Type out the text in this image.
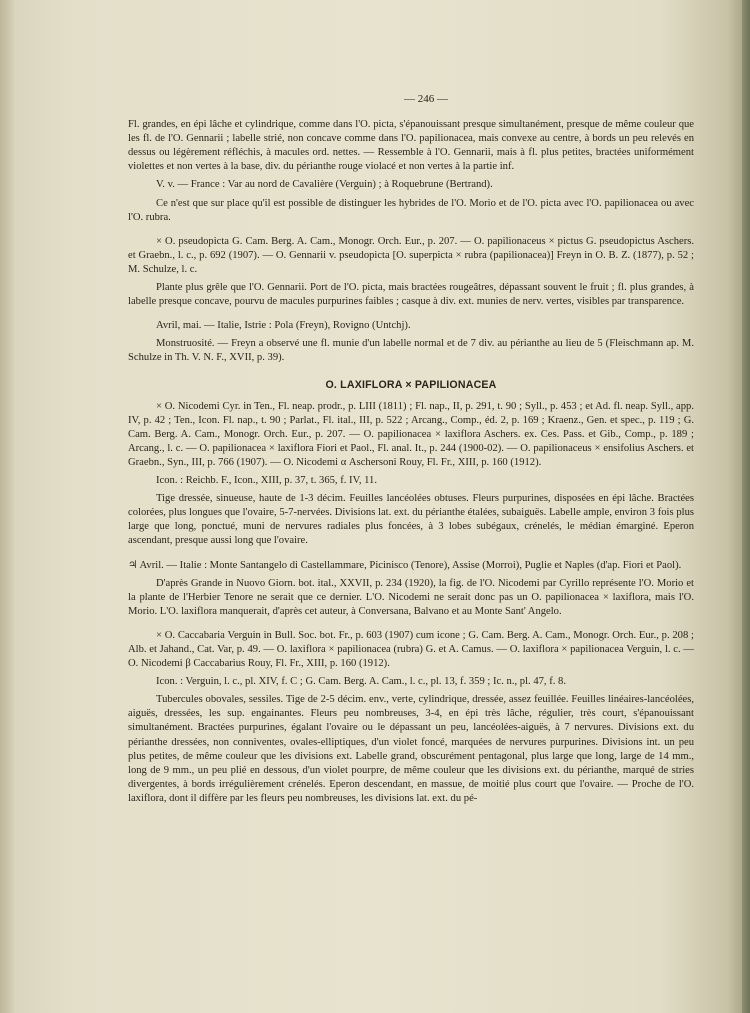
— 246 —

Fl. grandes, en épi lâche et cylindrique, comme dans l'O. picta, s'épanouissant presque simultanément, presque de même couleur que les fl. de l'O. Gennarii ; labelle strié, non concave comme dans l'O. papilionacea, mais convexe au centre, à bords un peu relevés en dessus ou légèrement réfléchis, à macules ord. nettes. — Ressemble à l'O. Gennarii, mais à fl. plus petites, bractées uniformément violettes et non vertes à la base, div. du périanthe rouge violacé et non vertes à la partie inf.

V. v. — France : Var au nord de Cavalière (Verguin) ; à Roquebrune (Bertrand).

Ce n'est que sur place qu'il est possible de distinguer les hybrides de l'O. Morio et de l'O. picta avec l'O. papilionacea ou avec l'O. rubra.

× O. pseudopicta G. Cam. Berg. A. Cam., Monogr. Orch. Eur., p. 207. — O. papilionaceus × pictus G. pseudopictus Aschers. et Graebn., l. c., p. 692 (1907). — O. Gennarii v. pseudopicta [O. superpicta × rubra (papilionacea)] Freyn in O. B. Z. (1877), p. 52 ; M. Schulze, l. c.

Plante plus grêle que l'O. Gennarii. Port de l'O. picta, mais bractées rougeâtres, dépassant souvent le fruit ; fl. plus grandes, à labelle presque concave, pourvu de macules purpurines faibles ; casque à div. ext. munies de nerv. vertes, visibles par transparence.

Avril, mai. — Italie, Istrie : Pola (Freyn), Rovigno (Untchj).

Monstruosité. — Freyn a observé une fl. munie d'un labelle normal et de 7 div. au périanthe au lieu de 5 (Fleischmann ap. M. Schulze in Th. V. N. F., XVII, p. 39).

O. LAXIFLORA × PAPILIONACEA

× O. Nicodemi Cyr. in Ten., Fl. neap. prodr., p. LIII (1811) ; Fl. nap., II, p. 291, t. 90 ; Syll., p. 453 ; et Ad. fl. neap. Syll., app. IV, p. 42 ; Ten., Icon. Fl. nap., t. 90 ; Parlat., Fl. ital., III, p. 522 ; Arcang., Comp., éd. 2, p. 169 ; Kraenz., Gen. et spec., p. 119 ; G. Cam. Berg. A. Cam., Monogr. Orch. Eur., p. 207. — O. papilionacea × laxiflora Aschers. ex. Ces. Pass. et Gib., Comp., p. 189 ; Arcang., l. c. — O. papilionacea × laxiflora Fiori et Paol., Fl. anal. It., p. 244 (1900-02). — O. papilionaceus × ensifolius Aschers. et Graebn., Syn., III, p. 766 (1907). — O. Nicodemi α Aschersoni Rouy, Fl. Fr., XIII, p. 160 (1912).

Icon. : Reichb. F., Icon., XIII, p. 37, t. 365, f. IV, 11.

Tige dressée, sinueuse, haute de 1-3 décim. Feuilles lancéolées obtuses. Fleurs purpurines, disposées en épi lâche. Bractées colorées, plus longues que l'ovaire, 5-7-nervées. Divisions lat. ext. du périanthe étalées, subaiguës. Labelle ample, environ 3 fois plus large que long, ponctué, muni de nervures radiales plus foncées, à 3 lobes subégaux, crénelés, le médian émarginé. Eperon ascendant, presque aussi long que l'ovaire.

♃ Avril. — Italie : Monte Santangelo di Castellammare, Picinisco (Tenore), Assise (Morroi), Puglie et Naples (d'ap. Fiori et Paol).

D'après Grande in Nuovo Giorn. bot. ital., XXVII, p. 234 (1920), la fig. de l'O. Nicodemi par Cyrillo représente l'O. Morio et la plante de l'Herbier Tenore ne serait que ce dernier. L'O. Nicodemi ne serait donc pas un O. papilionacea × laxiflora, mais l'O. Morio. L'O. laxiflora manquerait, d'après cet auteur, à Conversana, Balvano et au Monte Sant' Angelo.

× O. Caccabaria Verguin in Bull. Soc. bot. Fr., p. 603 (1907) cum icone ; G. Cam. Berg. A. Cam., Monogr. Orch. Eur., p. 208 ; Alb. et Jahand., Cat. Var, p. 49. — O. laxiflora × papilionacea (rubra) G. et A. Camus. — O. laxiflora × papilionacea Verguin, l. c. — O. Nicodemi β Caccabarius Rouy, Fl. Fr., XIII, p. 160 (1912).

Icon. : Verguin, l. c., pl. XIV, f. C ; G. Cam. Berg. A. Cam., l. c., pl. 13, f. 359 ; Ic. n., pl. 47, f. 8.

Tubercules obovales, sessiles. Tige de 2-5 décim. env., verte, cylindrique, dressée, assez feuillée. Feuilles linéaires-lancéolées, aiguës, dressées, les sup. engainantes. Fleurs peu nombreuses, 3-4, en épi très lâche, régulier, très court, s'épanouissant simultanément. Bractées purpurines, égalant l'ovaire ou le dépassant un peu, lancéolées-aiguës, à 7 nervures. Divisions ext. du périanthe dressées, non conniventes, ovales-elliptiques, d'un violet foncé, marquées de nervures purpurines. Divisions int. un peu plus petites, de même couleur que les divisions ext. Labelle grand, obscurément pentagonal, plus large que long, large de 14 mm., long de 9 mm., un peu plié en dessous, d'un violet pourpre, de même couleur que les divisions ext. du périanthe, marqué de stries divergentes, à bords irrégulièrement crénelés. Eperon descendant, en massue, de moitié plus court que l'ovaire. — Proche de l'O. laxiflora, dont il diffère par les fleurs peu nombreuses, les divisions lat. ext. du pé-
